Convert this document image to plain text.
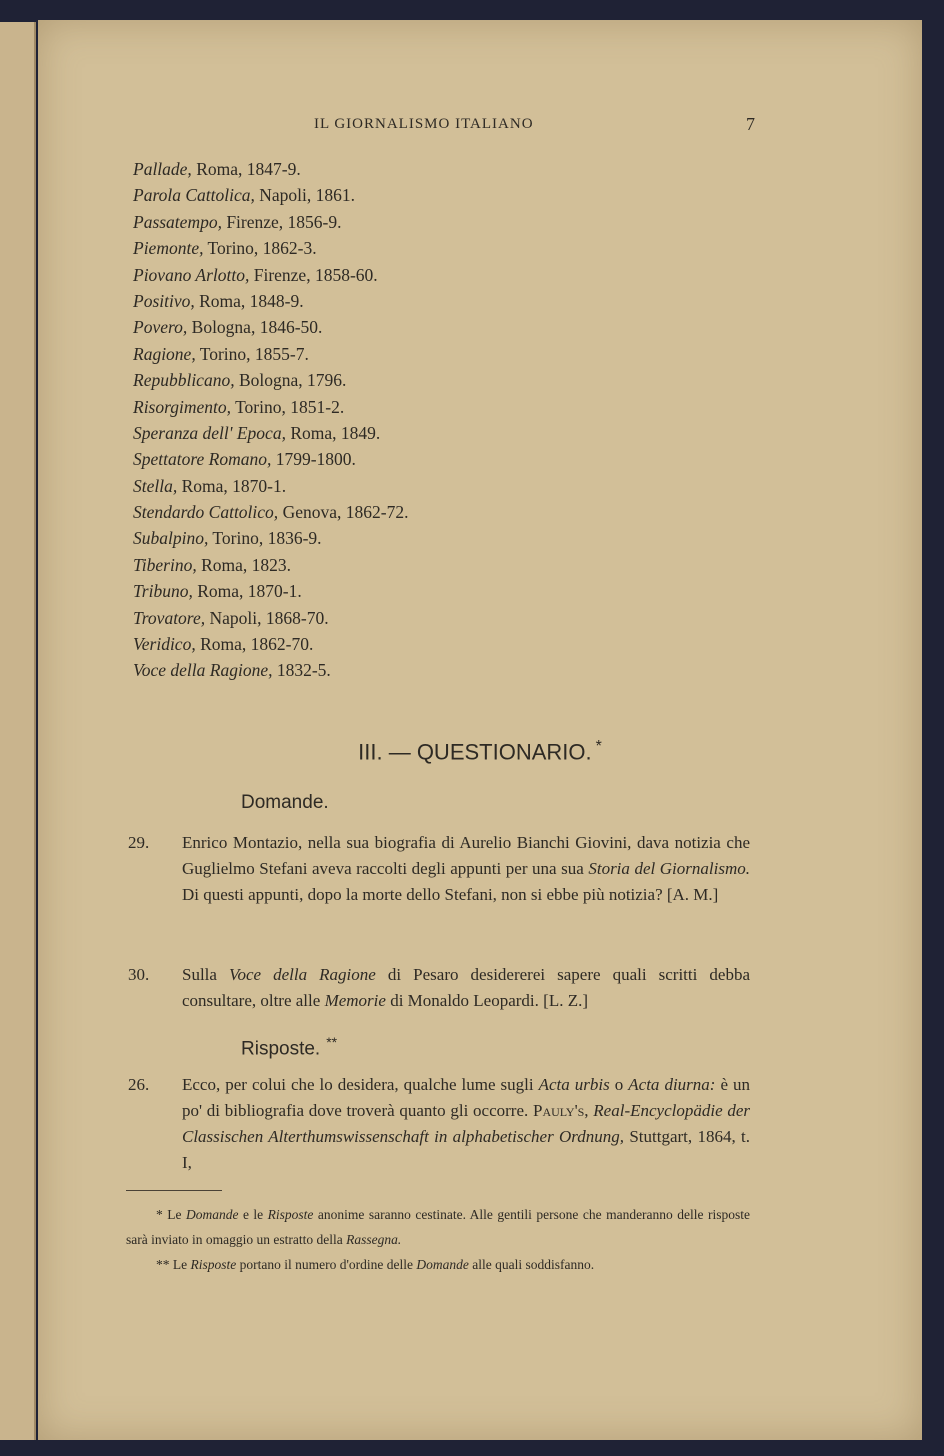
IL GIORNALISMO ITALIANO	7
Pallade, Roma, 1847-9.
Parola Cattolica, Napoli, 1861.
Passatempo, Firenze, 1856-9.
Piemonte, Torino, 1862-3.
Piovano Arlotto, Firenze, 1858-60.
Positivo, Roma, 1848-9.
Povero, Bologna, 1846-50.
Ragione, Torino, 1855-7.
Repubblicano, Bologna, 1796.
Risorgimento, Torino, 1851-2.
Speranza dell' Epoca, Roma, 1849.
Spettatore Romano, 1799-1800.
Stella, Roma, 1870-1.
Stendardo Cattolico, Genova, 1862-72.
Subalpino, Torino, 1836-9.
Tiberino, Roma, 1823.
Tribuno, Roma, 1870-1.
Trovatore, Napoli, 1868-70.
Veridico, Roma, 1862-70.
Voce della Ragione, 1832-5.
III. — QUESTIONARIO. *
Domande.
29. Enrico Montazio, nella sua biografia di Aurelio Bianchi Giovini, dava notizia che Guglielmo Stefani aveva raccolti degli appunti per una sua Storia del Giornalismo. Di questi appunti, dopo la morte dello Stefani, non si ebbe più notizia? [A. M.]
30. Sulla Voce della Ragione di Pesaro desidererei sapere quali scritti debba consultare, oltre alle Memorie di Monaldo Leopardi. [L. Z.]
Risposte. **
26. Ecco, per colui che lo desidera, qualche lume sugli Acta urbis o Acta diurna: è un po' di bibliografia dove troverà quanto gli occorre. Pauly's, Real-Encyclopädie der Classischen Alterthumswissenschaft in alphabetischer Ordnung, Stuttgart, 1864, t. I,
* Le Domande e le Risposte anonime saranno cestinate. Alle gentili persone che manderanno delle risposte sarà inviato in omaggio un estratto della Rassegna.
** Le Risposte portano il numero d'ordine delle Domande alle quali soddisfanno.
